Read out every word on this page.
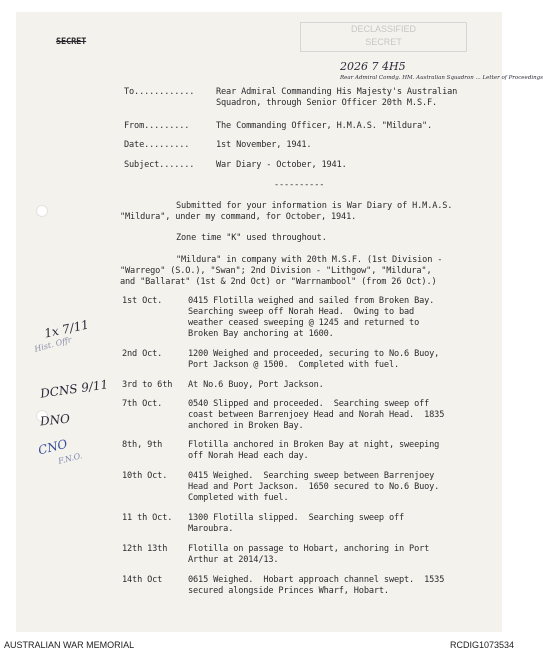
SECRET
DECLASSIFIED
SECRET
2026 7 4H5
Rear Admiral Comdg. HM. Australian Squadron ... Letter of Proceedings
To............	Rear Admiral Commanding His Majesty's Australian
Squadron, through Senior Officer 20th M.S.F.
From.........	The Commanding Officer, H.M.A.S. "Mildura".
Date.........	1st November, 1941.
Subject.......	War Diary - October, 1941.
----------
Submitted for your information is War Diary of H.M.A.S.
"Mildura", under my command, for October, 1941.
Zone time "K" used throughout.
"Mildura" in company with 20th M.S.F. (1st Division -
"Warrego" (S.O.), "Swan"; 2nd Division - "Lithgow", "Mildura",
and "Ballarat" (1st & 2nd Oct) or "Warrnambool" (from 26 Oct).)
1st Oct.	0415 Flotilla weighed and sailed from Broken Bay.
Searching sweep off Norah Head.  Owing to bad
weather ceased sweeping @ 1245 and returned to
Broken Bay anchoring at 1600.
2nd Oct.	1200 Weighed and proceeded, securing to No.6 Buoy,
Port Jackson @ 1500.  Completed with fuel.
3rd to 6th At No.6 Buoy, Port Jackson.
7th Oct.	0540 Slipped and proceeded.  Searching sweep off
coast between Barrenjoey Head and Norah Head.  1835
anchored in Broken Bay.
8th, 9th	Flotilla anchored in Broken Bay at night, sweeping
off Norah Head each day.
10th Oct. 0415 Weighed.  Searching sweep between Barrenjoey
Head and Port Jackson.  1650 secured to No.6 Buoy.
Completed with fuel.
11 th Oct. 1300 Flotilla slipped.  Searching sweep off
Maroubra.
12th 13th Flotilla on passage to Hobart, anchoring in Port
Arthur at 2014/13.
14th Oct	0615 Weighed.  Hobart approach channel swept.  1535
secured alongside Princes Wharf, Hobart.
1x 7/11
Hist. Offr
DCNS 9/11
DNO
CNO
F.N.O.
AUSTRALIAN WAR MEMORIAL	RCDIG1073534
